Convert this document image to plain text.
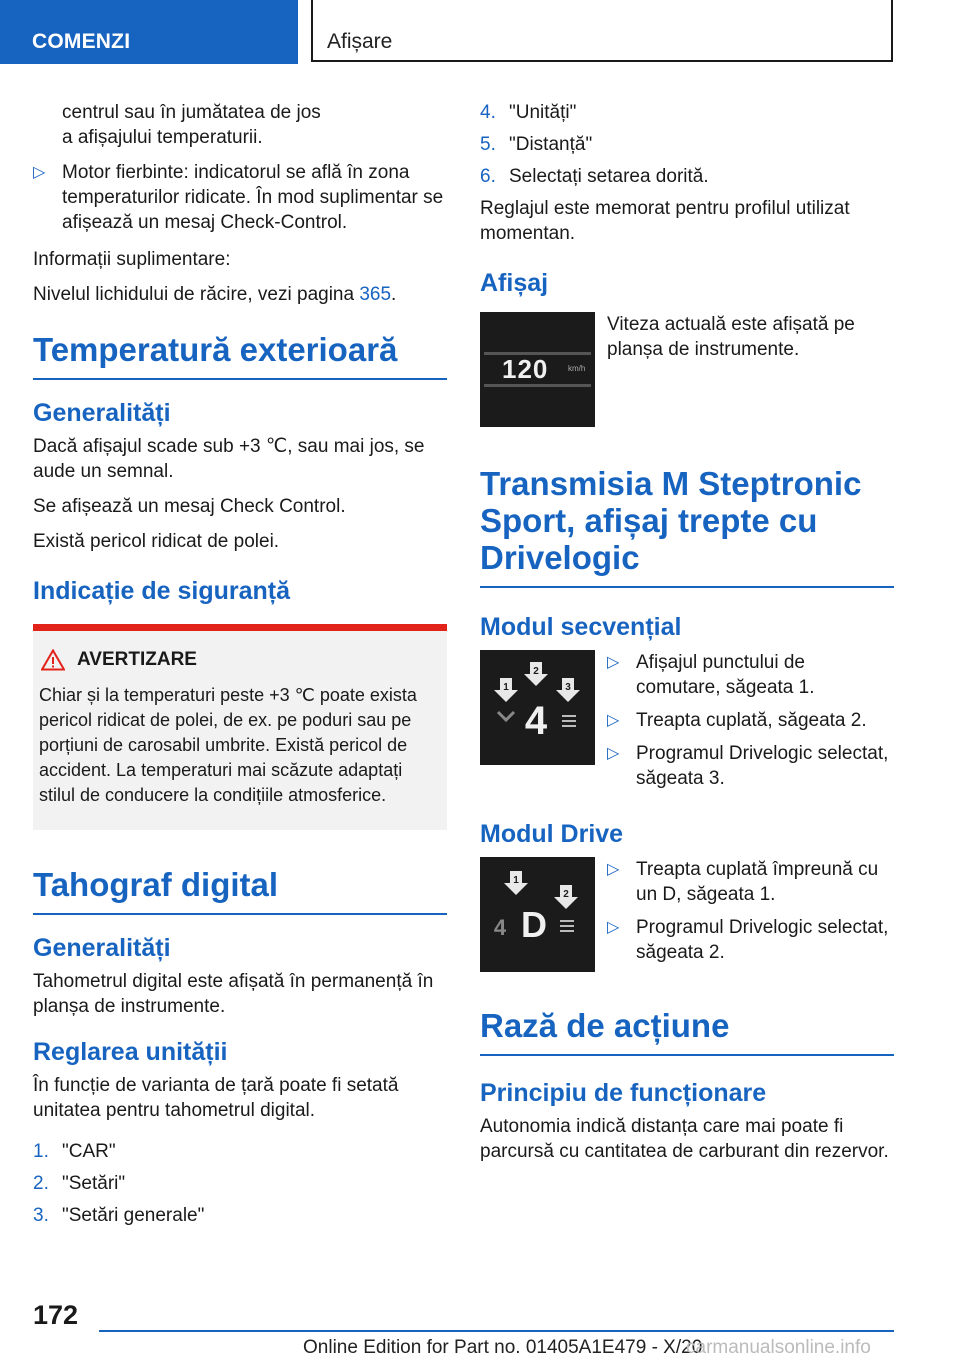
COMENZI	Afișare

centrul sau în jumătatea de jos
a afișajului temperaturii.

▷ Motor fierbinte: indicatorul se află în zona temperaturilor ridicate. În mod suplimentar se afișează un mesaj Check-Control.

Informații suplimentare:

Nivelul lichidului de răcire, vezi pagina 365.

Temperatură exterioară
Generalități

Dacă afișajul scade sub +3 ℃, sau mai jos, se aude un semnal.

Se afișează un mesaj Check Control.

Există pericol ridicat de polei.

Indicație de siguranță
AVERTIZARE

Chiar și la temperaturi peste +3 ℃ poate exista pericol ridicat de polei, de ex. pe poduri sau pe porțiuni de carosabil umbrite. Există pericol de accident. La temperaturi mai scăzute adaptați stilul de conducere la condițiile atmosferice.

Tahograf digital
Generalități

Tahometrul digital este afișată în permanență în planșa de instrumente.

Reglarea unității

În funcție de varianta de țară poate fi setată unitatea pentru tahometrul digital.

1. "CAR"
2. "Setări"
3. "Setări generale"
4. "Unități"
5. "Distanță"
6. Selectați setarea dorită.

Reglajul este memorat pentru profilul utilizat momentan.

Afișaj
120 km/h

Viteza actuală este afișată pe planșa de instrumente.

Transmisia M Steptronic Sport, afișaj trepte cu Drivelogic
Modul secvențial
1
2
3
4
▷ Afișajul punctului de comutare, săgeata 1.
▷ Treapta cuplată, săgeata 2.
▷ Programul Drivelogic selectat, săgeata 3.
Modul Drive
1
2
4 D
▷ Treapta cuplată împreună cu un D, săgeata 1.
▷ Programul Drivelogic selectat, săgeata 2.
Rază de acțiune
Principiu de funcționare

Autonomia indică distanța care mai poate fi parcursă cu cantitatea de carburant din rezervor.

172
Online Edition for Part no. 01405A1E479 - X/20
carmanualsonline.info
